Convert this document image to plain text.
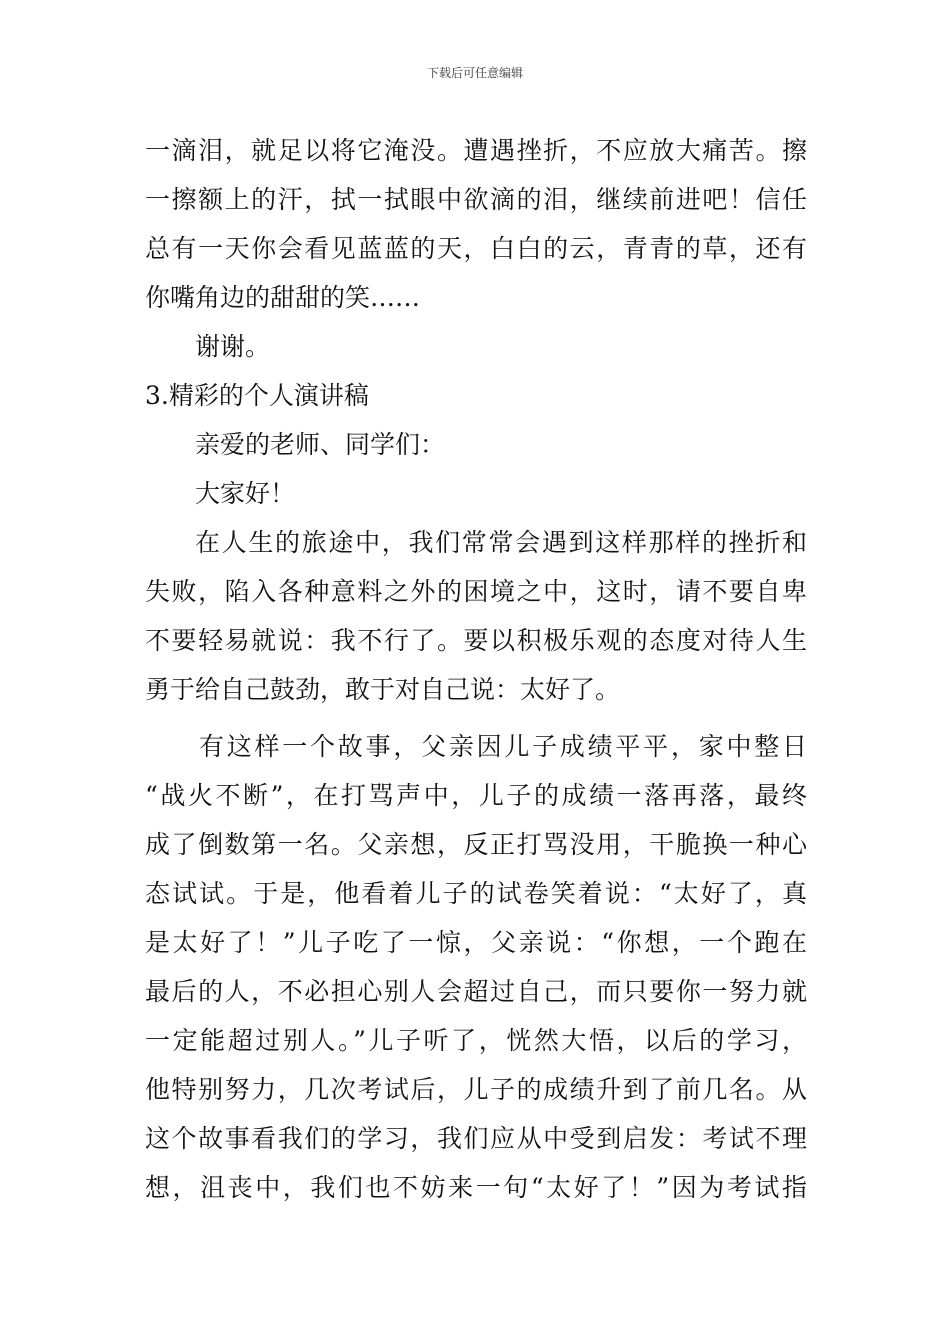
下载后可任意编辑
一滴泪，就足以将它淹没。遭遇挫折，不应放大痛苦。擦
一擦额上的汗，拭一拭眼中欲滴的泪，继续前进吧！信任
总有一天你会看见蓝蓝的天，白白的云，青青的草，还有
你嘴角边的甜甜的笑……
谢谢。
3.精彩的个人演讲稿
亲爱的老师、同学们：
大家好！
在人生的旅途中，我们常常会遇到这样那样的挫折和
失败，陷入各种意料之外的困境之中，这时，请不要自卑
不要轻易就说：我不行了。要以积极乐观的态度对待人生
勇于给自己鼓劲，敢于对自己说：太好了。
有这样一个故事，父亲因儿子成绩平平，家中整日
“战火不断”，在打骂声中，儿子的成绩一落再落，最终
成了倒数第一名。父亲想，反正打骂没用，干脆换一种心
态试试。于是，他看着儿子的试卷笑着说：“太好了，真
是太好了！”儿子吃了一惊，父亲说：“你想，一个跑在
最后的人，不必担心别人会超过自己，而只要你一努力就
一定能超过别人。”儿子听了，恍然大悟，以后的学习，
他特别努力，几次考试后，儿子的成绩升到了前几名。从
这个故事看我们的学习，我们应从中受到启发：考试不理
想，沮丧中，我们也不妨来一句“太好了！”因为考试指
